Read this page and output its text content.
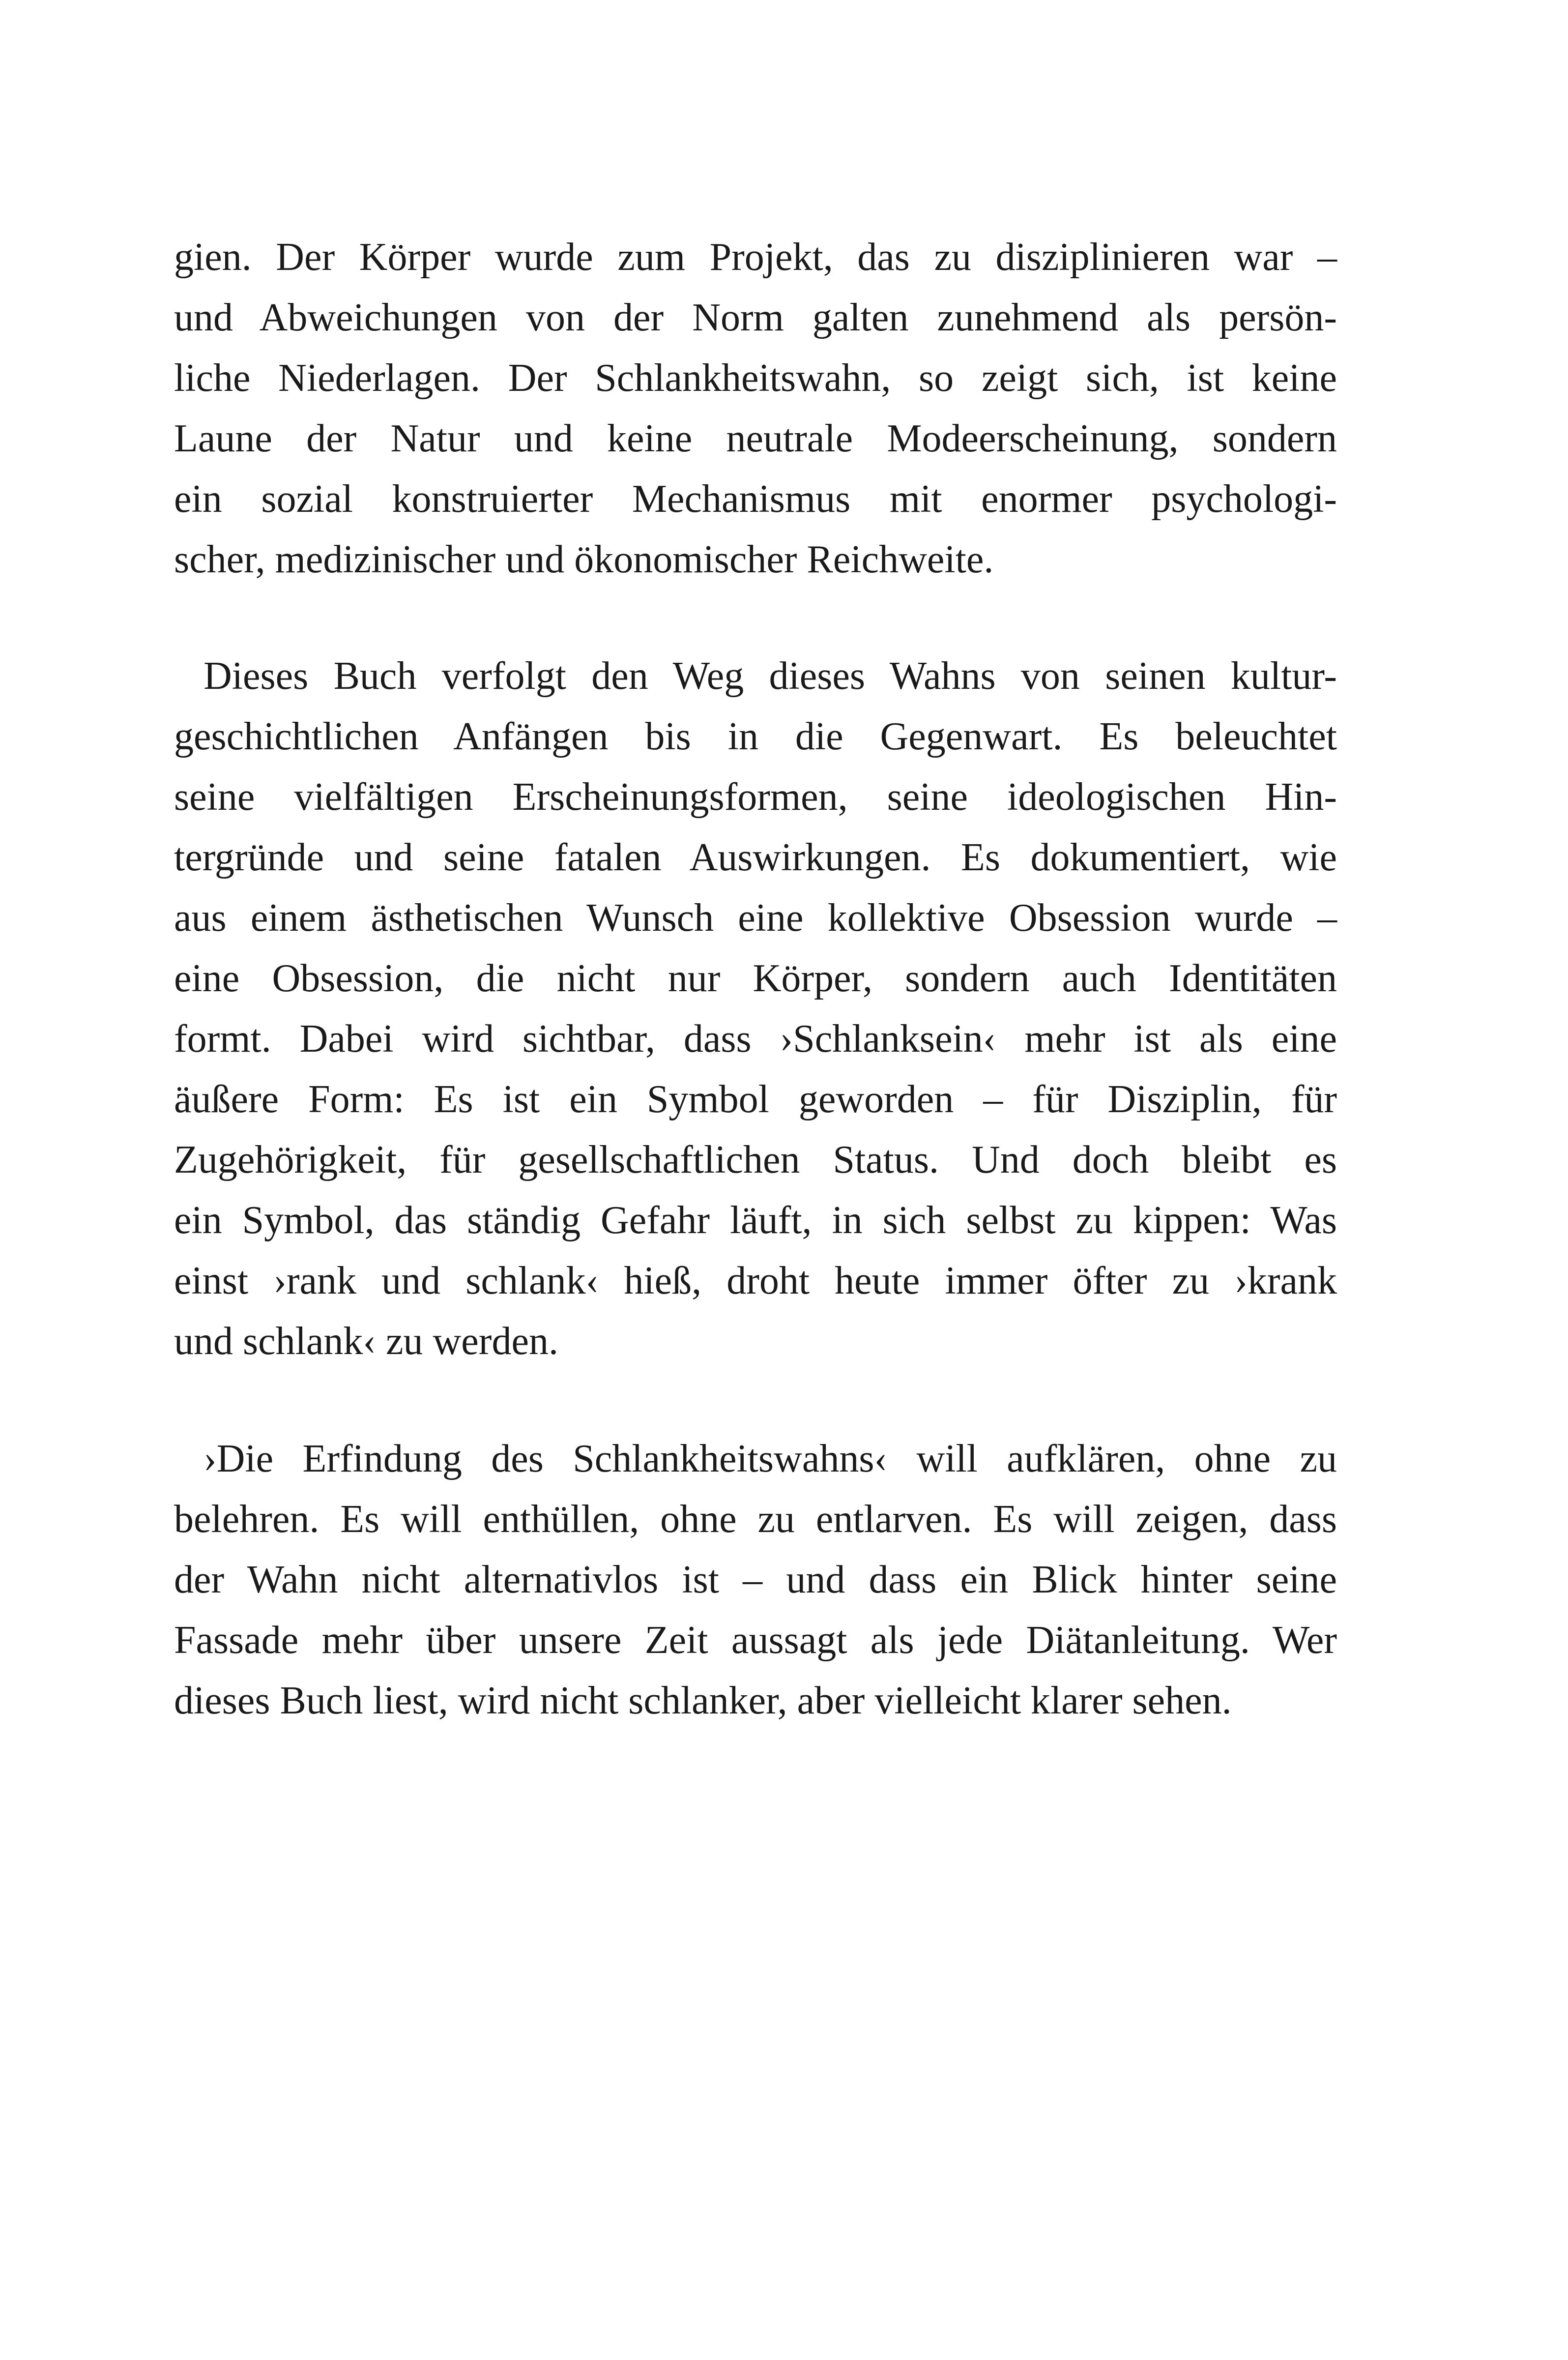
gien. Der Körper wurde zum Projekt, das zu disziplinieren war –
und Abweichungen von der Norm galten zunehmend als persön-
liche Niederlagen. Der Schlankheitswahn, so zeigt sich, ist keine
Laune der Natur und keine neutrale Modeerscheinung, sondern
ein sozial konstruierter Mechanismus mit enormer psychologi-
scher, medizinischer und ökonomischer Reichweite.
Dieses Buch verfolgt den Weg dieses Wahns von seinen kultur-
geschichtlichen Anfängen bis in die Gegenwart. Es beleuchtet
seine vielfältigen Erscheinungsformen, seine ideologischen Hin-
tergründe und seine fatalen Auswirkungen. Es dokumentiert, wie
aus einem ästhetischen Wunsch eine kollektive Obsession wurde –
eine Obsession, die nicht nur Körper, sondern auch Identitäten
formt. Dabei wird sichtbar, dass ›Schlanksein‹ mehr ist als eine
äußere Form: Es ist ein Symbol geworden – für Disziplin, für
Zugehörigkeit, für gesellschaftlichen Status. Und doch bleibt es
ein Symbol, das ständig Gefahr läuft, in sich selbst zu kippen: Was
einst ›rank und schlank‹ hieß, droht heute immer öfter zu ›krank
und schlank‹ zu werden.
›Die Erfindung des Schlankheitswahns‹ will aufklären, ohne zu
belehren. Es will enthüllen, ohne zu entlarven. Es will zeigen, dass
der Wahn nicht alternativlos ist – und dass ein Blick hinter seine
Fassade mehr über unsere Zeit aussagt als jede Diätanleitung. Wer
dieses Buch liest, wird nicht schlanker, aber vielleicht klarer sehen.
